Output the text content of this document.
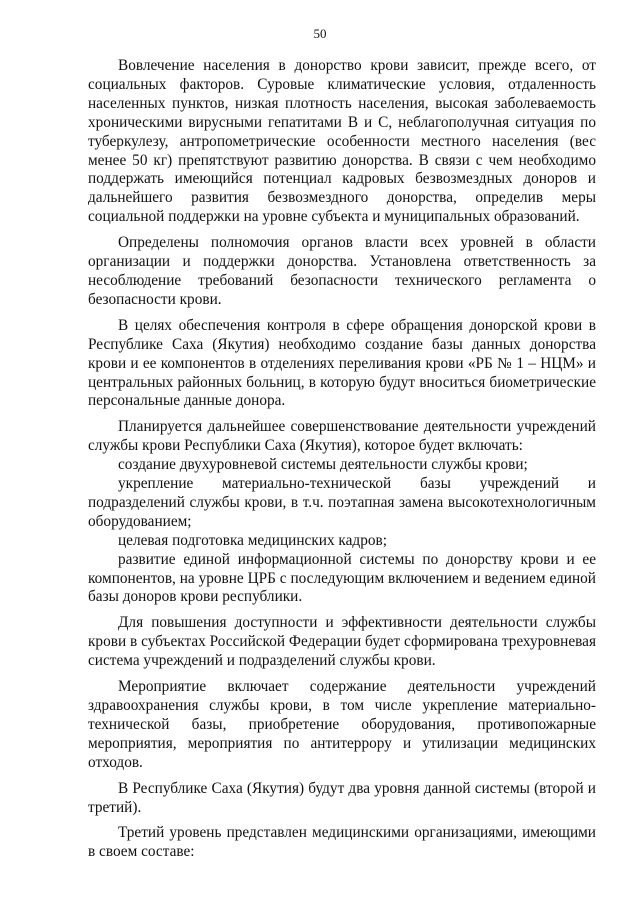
50

Вовлечение населения в донорство крови зависит, прежде всего, от социальных факторов. Суровые климатические условия, отдаленность населенных пунктов, низкая плотность населения, высокая заболеваемость хроническими вирусными гепатитами В и С, неблагополучная ситуация по туберкулезу, антропометрические особенности местного населения (вес менее 50 кг) препятствуют развитию донорства. В связи с чем необходимо поддержать имеющийся потенциал кадровых безвозмездных доноров и дальнейшего развития безвозмездного донорства, определив меры социальной поддержки на уровне субъекта и муниципальных образований.

Определены полномочия органов власти всех уровней в области организации и поддержки донорства. Установлена ответственность за несоблюдение требований безопасности технического регламента о безопасности крови.

В целях обеспечения контроля в сфере обращения донорской крови в Республике Саха (Якутия) необходимо создание базы данных донорства крови и ее компонентов в отделениях переливания крови «РБ № 1 – НЦМ» и центральных районных больниц, в которую будут вноситься биометрические персональные данные донора.

Планируется дальнейшее совершенствование деятельности учреждений службы крови Республики Саха (Якутия), которое будет включать:

создание двухуровневой системы деятельности службы крови;

укрепление материально-технической базы учреждений и подразделений службы крови, в т.ч. поэтапная замена высокотехнологичным оборудованием;

целевая подготовка медицинских кадров;

развитие единой информационной системы по донорству крови и ее компонентов, на уровне ЦРБ с последующим включением и ведением единой базы доноров крови республики.

Для повышения доступности и эффективности деятельности службы крови в субъектах Российской Федерации будет сформирована трехуровневая система учреждений и подразделений службы крови.

Мероприятие включает содержание деятельности учреждений здравоохранения службы крови, в том числе укрепление материально-технической базы, приобретение оборудования, противопожарные мероприятия, мероприятия по антитеррору и утилизации медицинских отходов.

В Республике Саха (Якутия) будут два уровня данной системы (второй и третий).

Третий уровень представлен медицинскими организациями, имеющими в своем составе:
